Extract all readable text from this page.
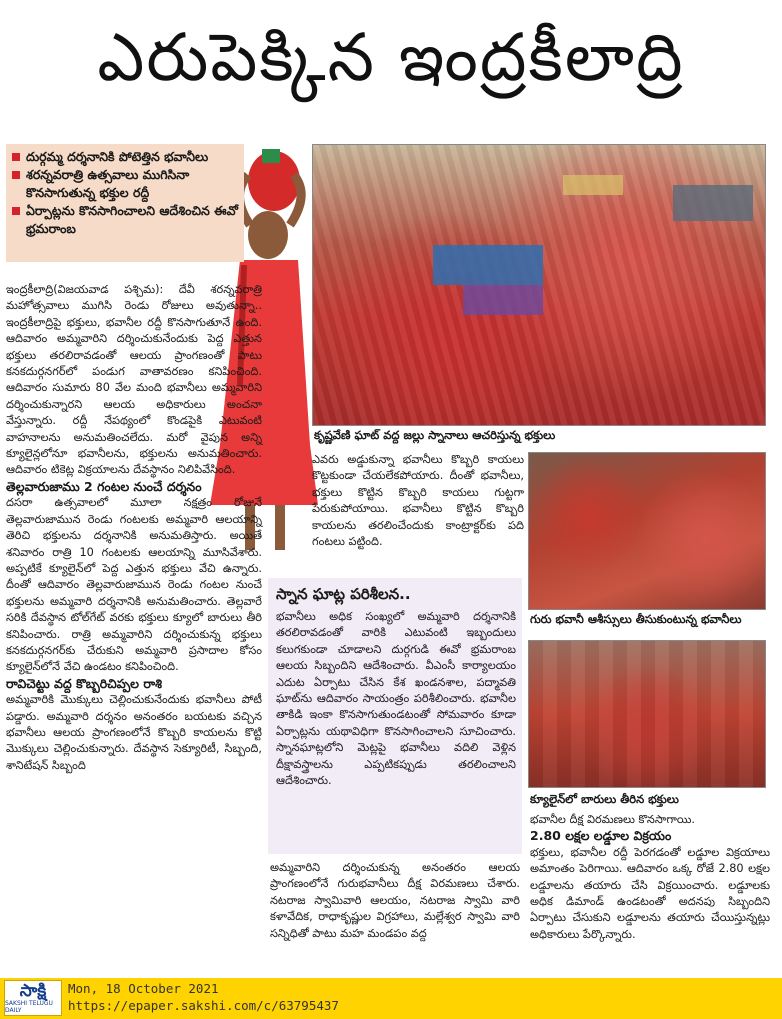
ఎరుపెక్కిన ఇంద్రకీలాద్రి
దుర్గమ్మ దర్శనానికి పోటెత్తిన భవానీలు
శరన్నవరాత్రి ఉత్సవాలు ముగిసినా కొనసాగుతున్న భక్తుల రద్దీ
ఏర్పాట్లను కొనసాగించాలని ఆదేశించిన ఈవో భ్రమరాంబ
కృష్ణవేణి ఘాట్ వద్ద జల్లు స్నానాలు ఆచరిస్తున్న భక్తులు

ఇంద్రకీలాద్రి(విజయవాడ పశ్చిమ): దేవీ శరన్నవరాత్రి మహోత్సవాలు ముగిసి రెండు రోజులు అవుతున్నా.. ఇంద్రకీలాద్రిపై భక్తులు, భవానీల రద్దీ కొనసాగుతూనే ఉంది. ఆదివారం అమ్మవారిని దర్శించుకునేందుకు పెద్ద ఎత్తున భక్తులు తరలిరావడంతో ఆలయ ప్రాంగణంతో పాటు కనకదుర్గనగర్‌లో పండుగ వాతావరణం కనిపించింది. ఆదివారం సుమారు 80 వేల మంది భవానీలు అమ్మవారిని దర్శించుకున్నారని ఆలయ అధికారులు అంచనా వేస్తున్నారు. రద్దీ నేపథ్యంలో కొండపైకి ఎటువంటి వాహనాలను అనుమతించలేదు. మరో వైపున అన్ని క్యూలైన్లలోనూ భవానీలను, భక్తులను అనుమతించారు. ఆదివారం టికెట్ల విక్రయాలను దేవస్థానం నిలిపివేసింది.

తెల్లవారుజాము 2 గంటల నుంచే దర్శనం

దసరా ఉత్సవాలలో మూలా నక్షత్రం రోజునే తెల్లవారుజామున రెండు గంటలకు అమ్మవారి ఆలయాన్ని తెరిచి భక్తులను దర్శనానికి అనుమతిస్తారు. అయితే శనివారం రాత్రి 10 గంటలకు ఆలయాన్ని మూసివేశారు. అప్పటికే క్యూలైన్‌లో పెద్ద ఎత్తున భక్తులు వేచి ఉన్నారు. దీంతో ఆదివారం తెల్లవారుజామున రెండు గంటల నుంచే భక్తులను అమ్మవారి దర్శనానికి అనుమతించారు. తెల్లవారే సరికి దేవస్థాన టోల్‌గేట్ వరకు భక్తులు క్యూలో బారులు తీరి కనిపించారు. రాత్రి అమ్మవారిని దర్శించుకున్న భక్తులు కనకదుర్గనగర్‌కు చేరుకుని అమ్మవారి ప్రసాదాల కోసం క్యూలైన్‌లోనే వేచి ఉండటం కనిపించింది.

రావిచెట్టు వద్ద కొబ్బరిచిప్పల రాశి

అమ్మవారికి మొక్కులు చెల్లించుకునేందుకు భవానీలు పోటీ పడ్డారు. అమ్మవారి దర్శనం అనంతరం బయటకు వచ్చిన భవానీలు ఆలయ ప్రాంగణంలోనే కొబ్బరి కాయలను కొట్టి మొక్కులు చెల్లించుకున్నారు. దేవస్థాన సెక్యూరిటీ, సిబ్బంది, శానిటేషన్ సిబ్బంది

ఎవరు అడ్డుకున్నా భవానీలు కొబ్బరి కాయలు కొట్టకుండా చేయలేకపోయారు. దీంతో భవానీలు, భక్తులు కొట్టిన కొబ్బరి కాయలు గుట్టగా పేరుకుపోయాయి. భవానీలు కొట్టిన కొబ్బరి కాయలను తరలించేందుకు కాంట్రాక్టర్‌కు పది గంటలు పట్టింది.

స్నాన ఘాట్ల పరిశీలన..

భవానీలు అధిక సంఖ్యలో అమ్మవారి దర్శనానికి తరలిరావడంతో వారికి ఎటువంటి ఇబ్బందులు కలుగకుండా చూడాలని దుర్గగుడి ఈవో భ్రమరాంబ ఆలయ సిబ్బందిని ఆదేశించారు. వీఎంసీ కార్యాలయం ఎదుట ఏర్పాటు చేసిన కేశ ఖండనశాల, పద్మావతి ఘాట్‌ను ఆదివారం సాయంత్రం పరిశీలించారు. భవానీల తాకిడి ఇంకా కొనసాగుతుండటంతో సోమవారం కూడా ఏర్పాట్లను యథావిధిగా కొనసాగించాలని సూచించారు. స్నానఘాట్లలోని మెట్లపై భవానీలు వదిలి వెళ్లిన దీక్షావస్త్రాలను ఎప్పటికప్పుడు తరలించాలని ఆదేశించారు.

అమ్మవారిని దర్శించుకున్న అనంతరం ఆలయ ప్రాంగణంలోనే గురుభవానీలు దీక్ష విరమణలు చేశారు. నటరాజ స్వామివారి ఆలయం, నటరాజ స్వామి వారి కళావేదిక, రాధాకృష్ణుల విగ్రహాలు, మల్లేశ్వర స్వామి వారి సన్నిధితో పాటు మహ మండపం వద్ద

గురు భవానీ ఆశీస్సులు తీసుకుంటున్న భవానీలు
క్యూలైన్‌లో బారులు తీరిన భక్తులు

భవానీల దీక్ష విరమణలు కొనసాగాయి.

2.80 లక్షల లడ్డూల విక్రయం

భక్తులు, భవానీల రద్దీ పెరగడంతో లడ్డూల విక్రయాలు అమాంతం పెరిగాయి. ఆదివారం ఒక్క రోజే 2.80 లక్షల లడ్డూలను తయారు చేసి విక్రయించారు. లడ్డూలకు అధిక డిమాండ్ ఉండటంతో అదనపు సిబ్బందిని ఏర్పాటు చేసుకుని లడ్డూలను తయారు చేయిస్తున్నట్లు అధికారులు పేర్కొన్నారు.

సాక్షి
SAKSHI TELUGU DAILY
Mon, 18 October 2021
https://epaper.sakshi.com/c/63795437
